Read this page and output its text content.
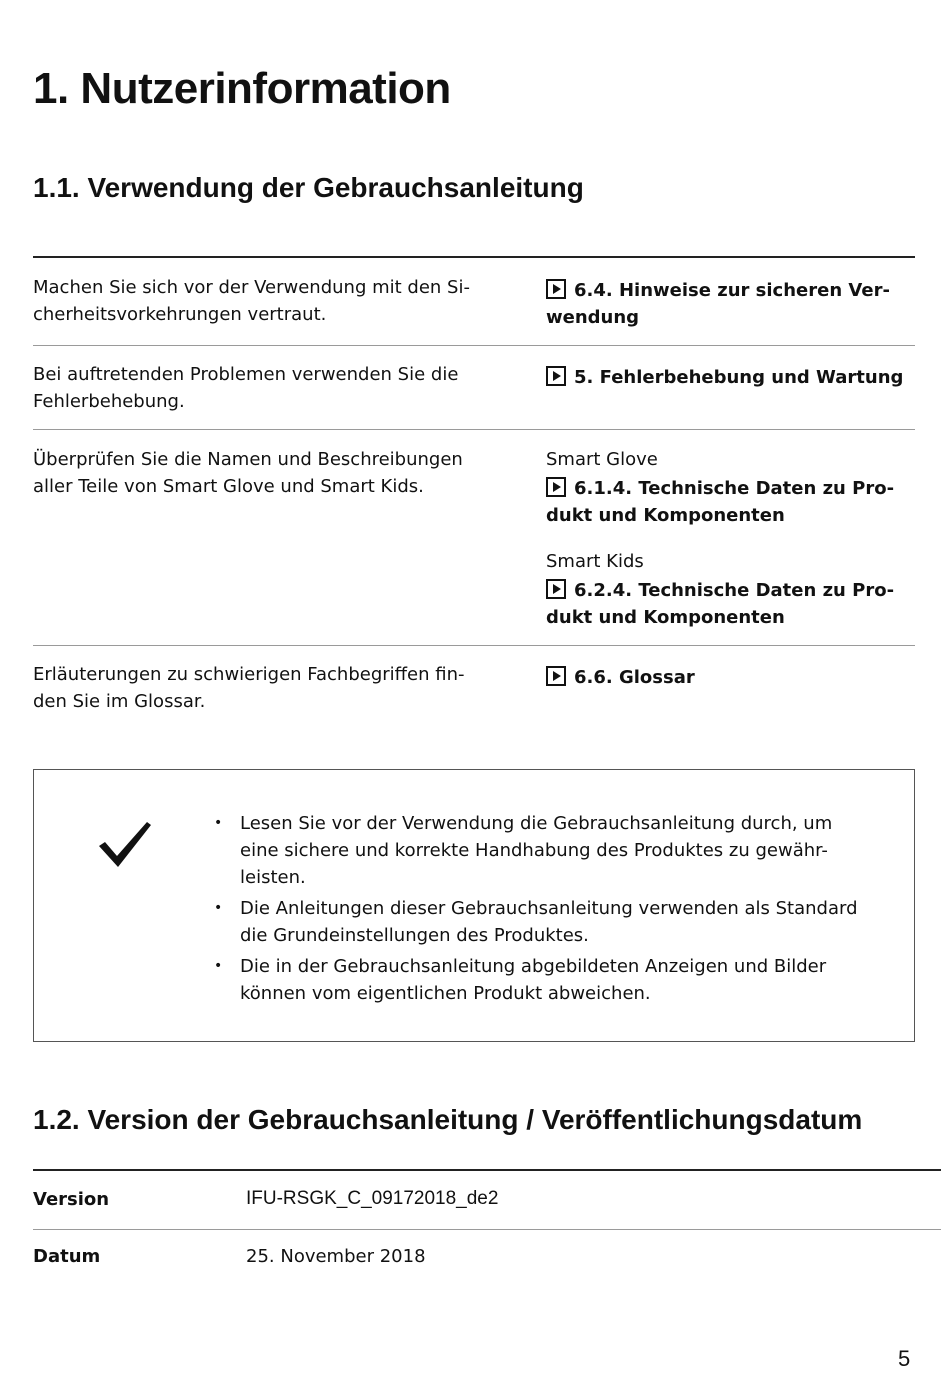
1. Nutzerinformation
1.1. Verwendung der Gebrauchsanleitung
Machen Sie sich vor der Verwendung mit den Si-
cherheitsvorkehrungen vertraut.
6.4. Hinweise zur sicheren Ver-
wendung
Bei auftretenden Problemen verwenden Sie die
Fehlerbehebung.
5. Fehlerbehebung und Wartung
Überprüfen Sie die Namen und Beschreibungen
aller Teile von Smart Glove und Smart Kids.
Smart Glove
6.1.4. Technische Daten zu Pro-
dukt und Komponenten
Smart Kids
6.2.4. Technische Daten zu Pro-
dukt und Komponenten
Erläuterungen zu schwierigen Fachbegriffen fin-
den Sie im Glossar.
6.6. Glossar
• Lesen Sie vor der Verwendung die Gebrauchsanleitung durch, um
eine sichere und korrekte Handhabung des Produktes zu gewähr-
leisten.
• Die Anleitungen dieser Gebrauchsanleitung verwenden als Standard
die Grundeinstellungen des Produktes.
• Die in der Gebrauchsanleitung abgebildeten Anzeigen und Bilder
können vom eigentlichen Produkt abweichen.
1.2. Version der Gebrauchsanleitung / Veröffentlichungsdatum
Version	IFU-RSGK_C_09172018_de2
Datum	25. November 2018
5
